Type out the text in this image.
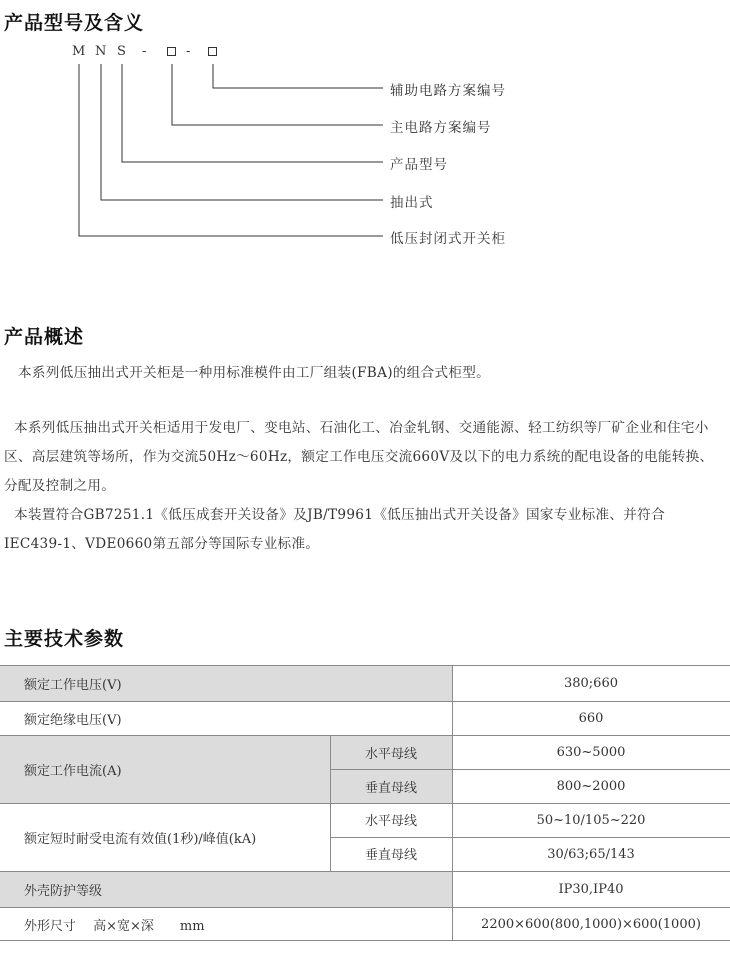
产品型号及含义
M N S -	-
辅助电路方案编号
主电路方案编号
产品型号
抽出式
低压封闭式开关柜
产品概述

本系列低压抽出式开关柜是一种用标准模件由工厂组装(FBA)的组合式柜型。

本系列低压抽出式开关柜适用于发电厂、变电站、石油化工、冶金轧钢、交通能源、轻工纺织等厂矿企业和住宅小区、高层建筑等场所，作为交流50Hz～60Hz，额定工作电压交流660V及以下的电力系统的配电设备的电能转换、分配及控制之用。

本装置符合GB7251.1《低压成套开关设备》及JB/T9961《低压抽出式开关设备》国家专业标准、并符合IEC439-1、VDE0660第五部分等国际专业标准。

主要技术参数
额定工作电压(V)	380;660
额定绝缘电压(V)	660
额定工作电流(A)
水平母线	630~5000
垂直母线	800~2000
额定短时耐受电流有效值(1秒)/峰值(kA)
水平母线	50~10/105~220
垂直母线	30/63;65/143
外壳防护等级	IP30,IP40
外形尺寸　 高×宽×深　　mm	2200×600(800,1000)×600(1000)
